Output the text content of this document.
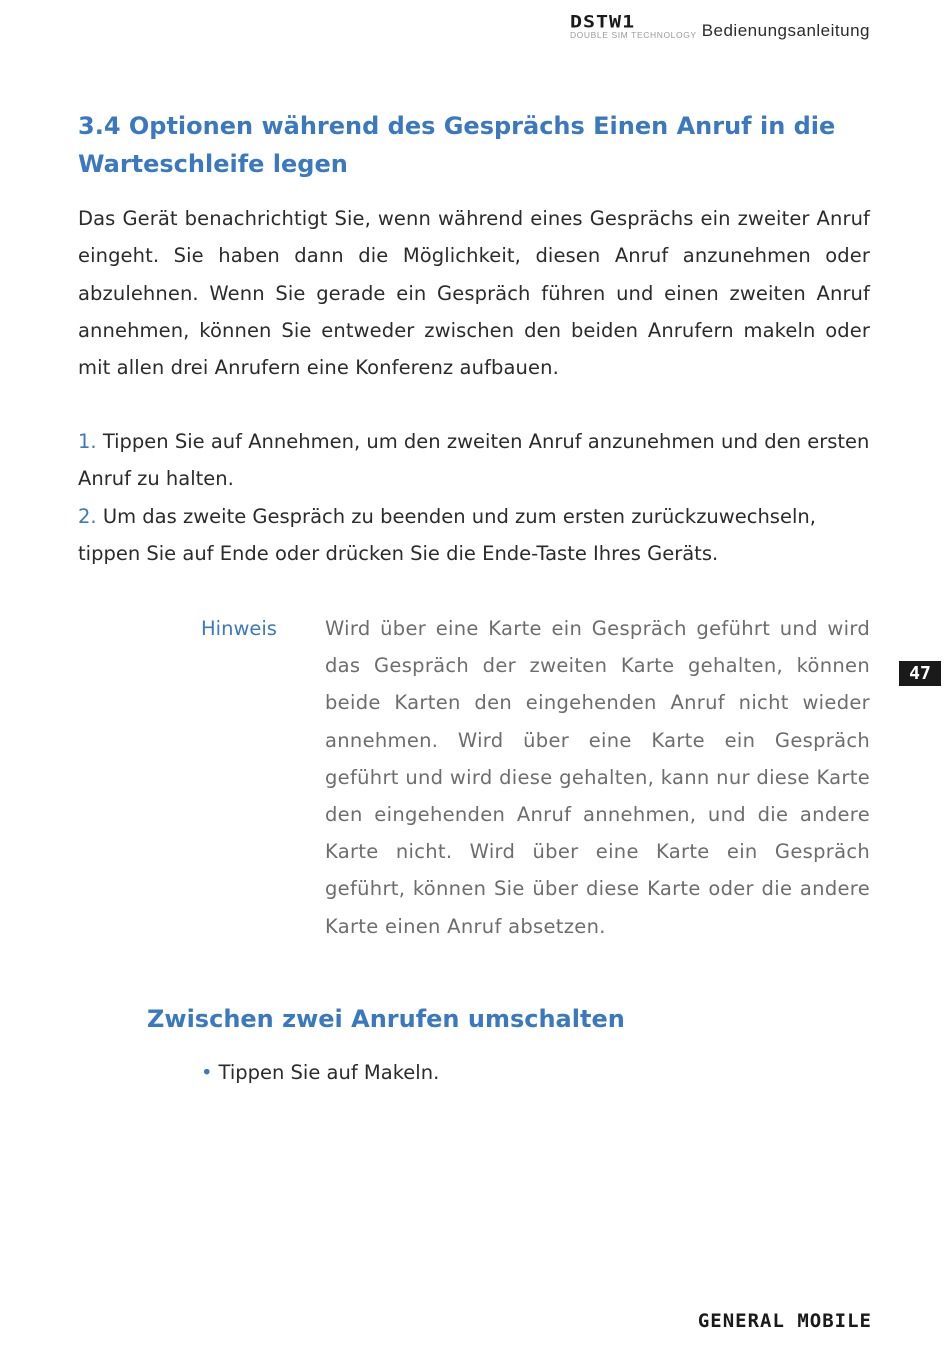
DSTW1
DOUBLE SIM TECHNOLOGY Bedienungsanleitung
3.4 Optionen während des Gesprächs Einen Anruf in die Warteschleife legen

Das Gerät benachrichtigt Sie, wenn während eines Gesprächs ein zweiter Anruf eingeht. Sie haben dann die Möglichkeit, diesen Anruf anzunehmen oder abzulehnen. Wenn Sie gerade ein Gespräch führen und einen zweiten Anruf annehmen, können Sie entweder zwischen den beiden Anrufern makeln oder mit allen drei Anrufern eine Konferenz aufbauen.

1. Tippen Sie auf Annehmen, um den zweiten Anruf anzunehmen und den ersten Anruf zu halten.
2. Um das zweite Gespräch zu beenden und zum ersten zurückzuwechseln, tippen Sie auf Ende oder drücken Sie die Ende-Taste Ihres Geräts.
Hinweis Wird über eine Karte ein Gespräch geführt und wird das Gespräch der zweiten Karte gehalten, können beide Karten den eingehenden Anruf nicht wieder annehmen. Wird über eine Karte ein Gespräch geführt und wird diese gehalten, kann nur diese Karte den eingehenden Anruf annehmen, und die andere Karte nicht. Wird über eine Karte ein Gespräch geführt, können Sie über diese Karte oder die andere Karte einen Anruf absetzen.

Zwischen zwei Anrufen umschalten
• Tippen Sie auf Makeln.
47
GENERAL MOBILE
